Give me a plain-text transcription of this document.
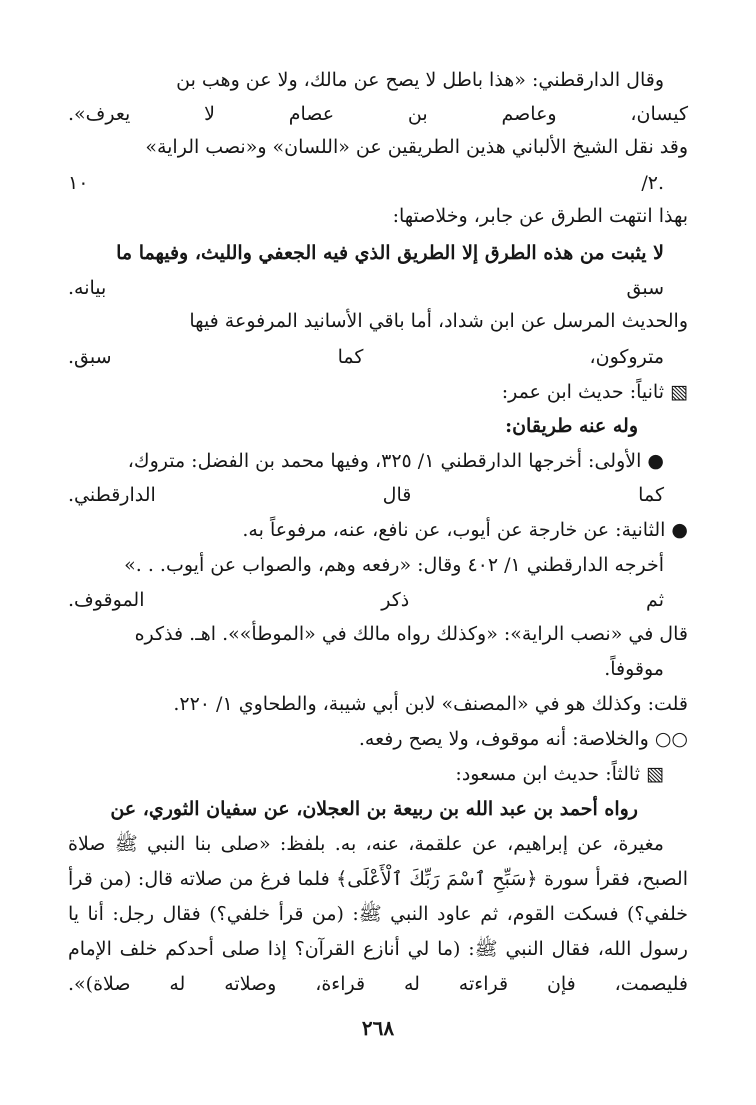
وقال الدارقطني: «هذا باطل لا يصح عن مالك، ولا عن وهب بن
كيسان، وعاصم بن عصام لا يعرف».
وقد نقل الشيخ الألباني هذين الطريقين عن «اللسان» و«نصب الراية»
٢/ ١٠.
بهذا انتهت الطرق عن جابر، وخلاصتها:
لا يثبت من هذه الطرق إلا الطريق الذي فيه الجعفي والليث، وفيهما ما
سبق بيانه.
والحديث المرسل عن ابن شداد، أما باقي الأسانيد المرفوعة فيها
متروكون، كما سبق.
▧ ثانياً: حديث ابن عمر:
وله عنه طريقان:
● الأولى: أخرجها الدارقطني ١/ ٣٢٥، وفيها محمد بن الفضل: متروك،
كما قال الدارقطني.
● الثانية: عن خارجة عن أيوب، عن نافع، عنه، مرفوعاً به.
أخرجه الدارقطني ١/ ٤٠٢ وقال: «رفعه وهم، والصواب عن أيوب. . .»
ثم ذكر الموقوف.
قال في «نصب الراية»: «وكذلك رواه مالك في «الموطأ»». اهـ. فذكره
موقوفاً.
قلت: وكذلك هو في «المصنف» لابن أبي شيبة، والطحاوي ١/ ٢٢٠.
○○ والخلاصة: أنه موقوف، ولا يصح رفعه.
▧ ثالثاً: حديث ابن مسعود:
رواه أحمد بن عبد الله بن ربيعة بن العجلان، عن سفيان الثوري، عن
مغيرة، عن إبراهيم، عن علقمة، عنه، به. بلفظ: «صلى بنا النبي ﷺ صلاة
الصبح، فقرأ سورة ﴿سَبِّحِ ٱسْمَ رَبِّكَ ٱلْأَعْلَى﴾ فلما فرغ من صلاته قال: (من قرأ
خلفي؟) فسكت القوم، ثم عاود النبي ﷺ: (من قرأ خلفي؟) فقال رجل: أنا يا
رسول الله، فقال النبي ﷺ: (ما لي أنازع القرآن؟ إذا صلى أحدكم خلف الإمام
فليصمت، فإن قراءته له قراءة، وصلاته له صلاة)».
٢٦٨
